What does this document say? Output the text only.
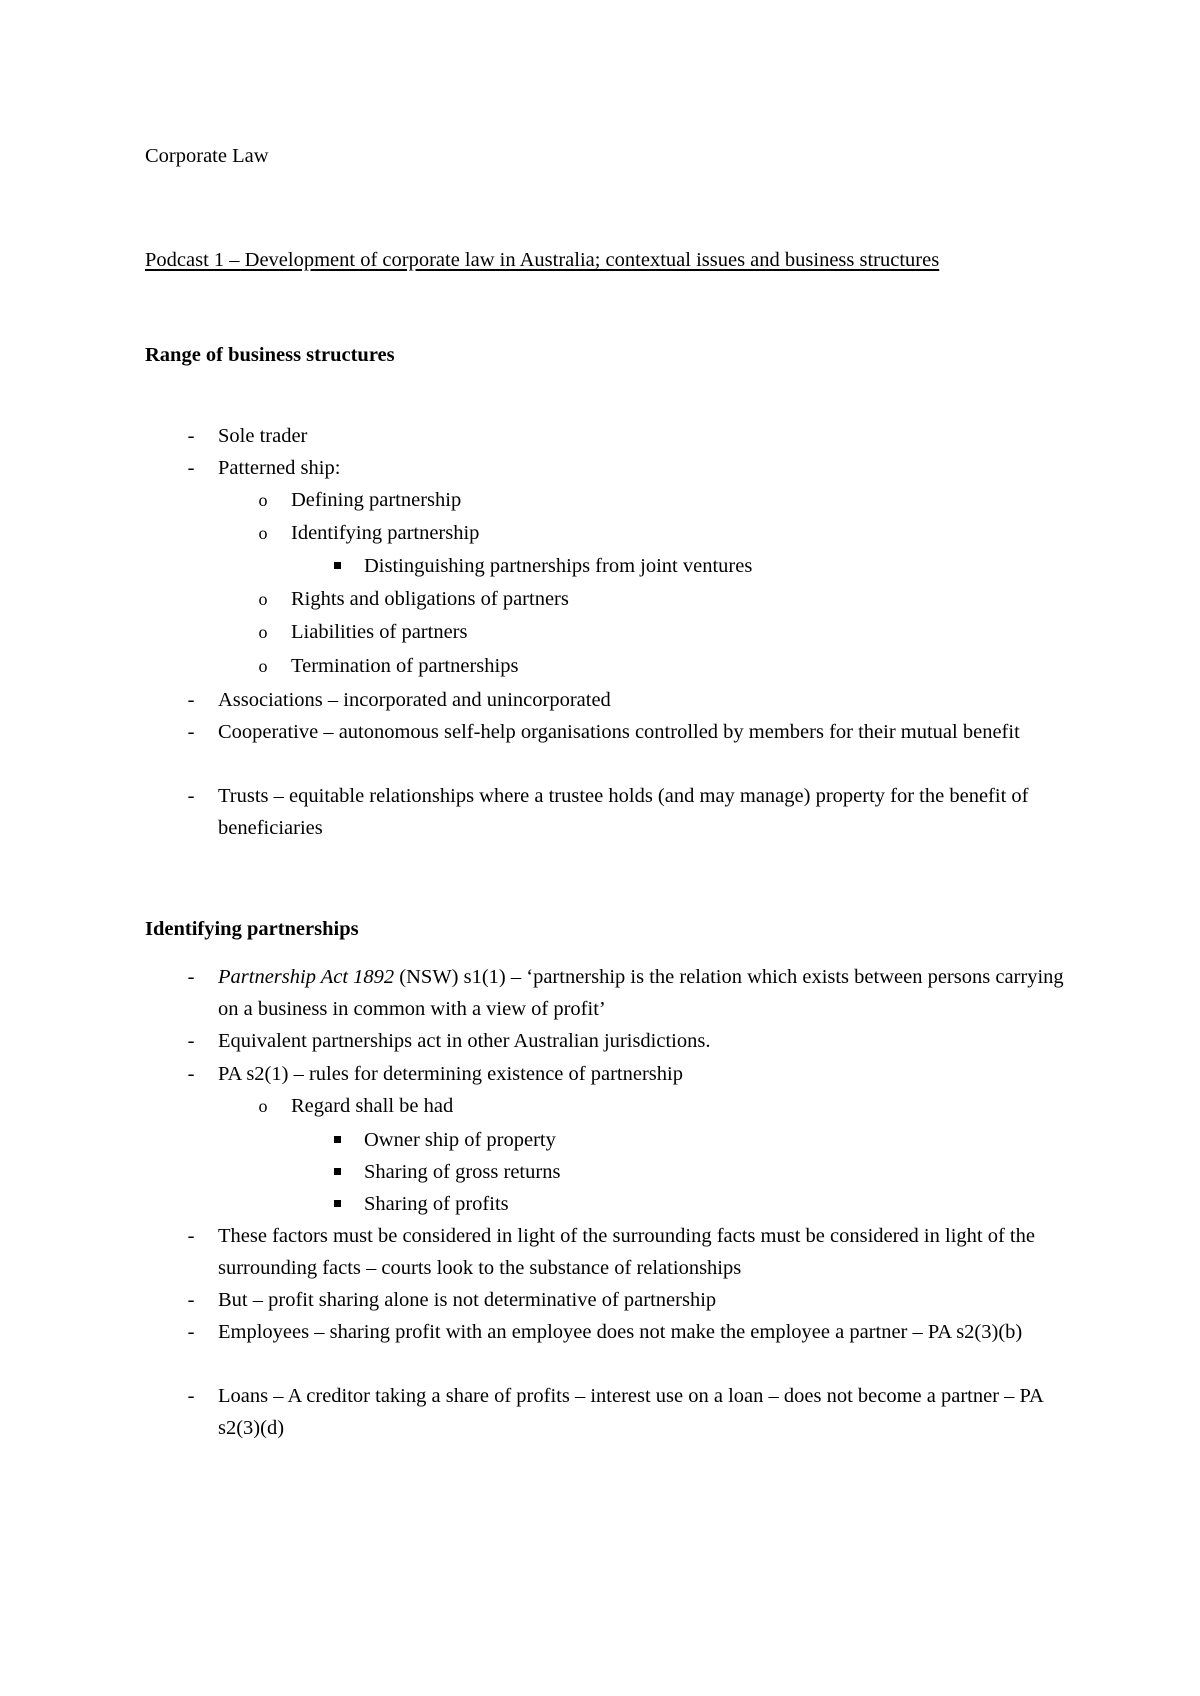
Corporate Law
Podcast 1 – Development of corporate law in Australia; contextual issues and business structures
Range of business structures

- Sole trader

- Patterned ship:

o Defining partnership

o Identifying partnership

Distinguishing partnerships from joint ventures

o Rights and obligations of partners

o Liabilities of partners

o Termination of partnerships

- Associations – incorporated and unincorporated

- Cooperative – autonomous self-help organisations controlled by members for their mutual benefit

- Trusts – equitable relationships where a trustee holds (and may manage) property for the benefit of beneficiaries

Identifying partnerships

- Partnership Act 1892 (NSW) s1(1) – ‘partnership is the relation which exists between persons carrying on a business in common with a view of profit’

- Equivalent partnerships act in other Australian jurisdictions.

- PA s2(1) – rules for determining existence of partnership

o Regard shall be had

Owner ship of property

Sharing of gross returns

Sharing of profits

- These factors must be considered in light of the surrounding facts must be considered in light of the surrounding facts – courts look to the substance of relationships

- But – profit sharing alone is not determinative of partnership

- Employees – sharing profit with an employee does not make the employee a partner – PA s2(3)(b)

- Loans – A creditor taking a share of profits – interest use on a loan – does not become a partner – PA s2(3)(d)
